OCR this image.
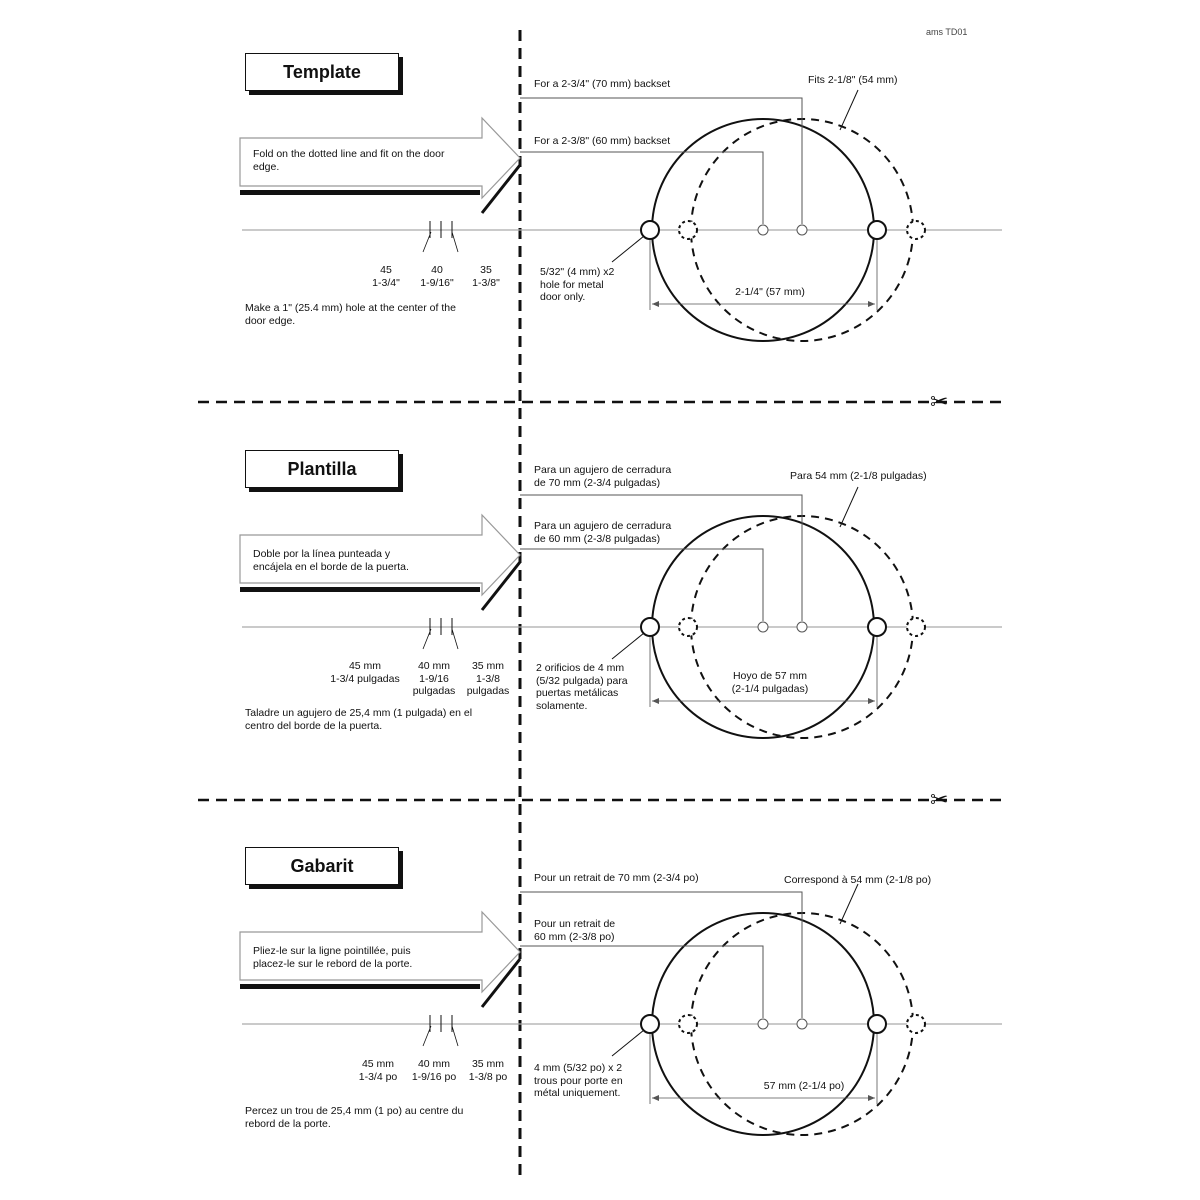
ams TD01
Template
Fold on the dotted line and fit on the door edge.
For a 2-3/4" (70 mm) backset
For a 2-3/8" (60 mm) backset
Fits 2-1/8" (54 mm)
45
1-3/4"
40
1-9/16"
35
1-3/8"
5/32" (4 mm) x2
hole for metal
door only.	2-1/4" (57 mm)
Make a 1" (25.4 mm) hole at the center of the
door edge.
Plantilla
Doble por la línea punteada y
encájela en el borde de la puerta.
Para un agujero de cerradura
de 70 mm (2-3/4 pulgadas)
Para un agujero de cerradura
de 60 mm (2-3/8 pulgadas)
Para 54 mm (2-1/8 pulgadas)
45 mm
1-3/4 pulgadas
40 mm
1-9/16
pulgadas
35 mm
1-3/8
pulgadas
2 orificios de 4 mm
(5/32 pulgada) para
puertas metálicas
solamente.
Hoyo de 57 mm
(2-1/4 pulgadas)
Taladre un agujero de 25,4 mm (1 pulgada) en el
centro del borde de la puerta.
Gabarit
Pliez-le sur la ligne pointillée, puis
placez-le sur le rebord de la porte.
Pour un retrait de 70 mm (2-3/4 po)
Pour un retrait de
60 mm (2-3/8 po)
Correspond à 54 mm (2-1/8 po)
45 mm
1-3/4 po
40 mm
1-9/16 po
35 mm
1-3/8 po
4 mm (5/32 po) x 2
trous pour porte en
métal uniquement.
57 mm (2-1/4 po)
Percez un trou de 25,4 mm (1 po) au centre du
rebord de la porte.
✂
✂
